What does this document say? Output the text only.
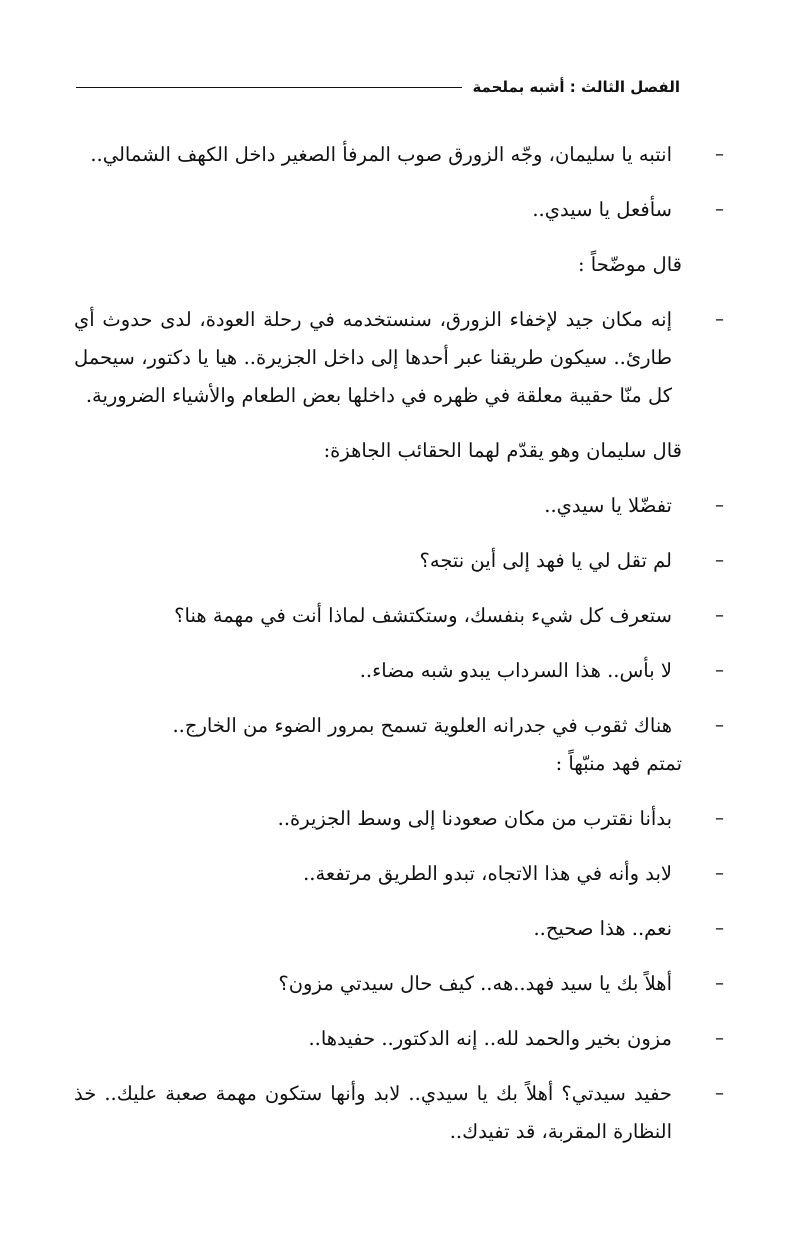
الفصل الثالث : أشبه بملحمة

–
انتبه يا سليمان، وجّه الزورق صوب المرفأ الصغير داخل الكهف الشمالي..

–
سأفعل يا سيدي..

قال موضّحاً :

–
إنه مكان جيد لإخفاء الزورق، سنستخدمه في رحلة العودة، لدى حدوث أي طارئ.. سيكون طريقنا عبر أحدها إلى داخل الجزيرة.. هيا يا دكتور، سيحمل كل منّا حقيبة معلقة في ظهره في داخلها بعض الطعام والأشياء الضرورية.

قال سليمان وهو يقدّم لهما الحقائب الجاهزة:

–
تفضّلا يا سيدي..

–
لم تقل لي يا فهد إلى أين نتجه؟

–
ستعرف كل شيء بنفسك، وستكتشف لماذا أنت في مهمة هنا؟

–
لا بأس.. هذا السرداب يبدو شبه مضاء..

–
هناك ثقوب في جدرانه العلوية تسمح بمرور الضوء من الخارج..

تمتم فهد منبّهاً :

–
بدأنا نقترب من مكان صعودنا إلى وسط الجزيرة..

–
لابد وأنه في هذا الاتجاه، تبدو الطريق مرتفعة..

–
نعم.. هذا صحيح..

–
أهلاً بك يا سيد فهد..هه.. كيف حال سيدتي مزون؟

–
مزون بخير والحمد لله.. إنه الدكتور.. حفيدها..

–
حفيد سيدتي؟ أهلاً بك يا سيدي.. لابد وأنها ستكون مهمة صعبة عليك.. خذ النظارة المقربة، قد تفيدك..
